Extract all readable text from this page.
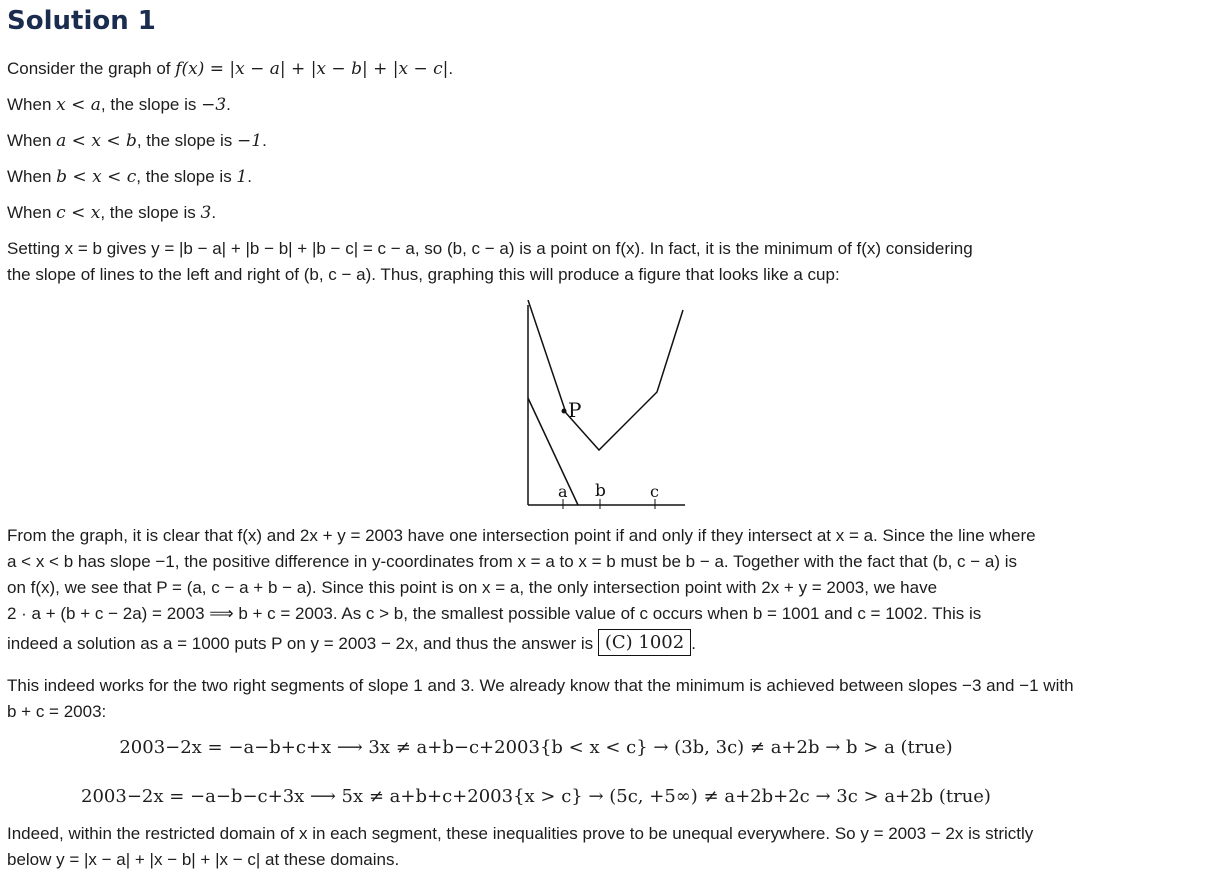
Solution 1
Consider the graph of f(x) = |x − a| + |x − b| + |x − c|.
When x < a, the slope is −3.
When a < x < b, the slope is −1.
When b < x < c, the slope is 1.
When c < x, the slope is 3.
Setting x = b gives y = |b − a| + |b − b| + |b − c| = c − a, so (b, c − a) is a point on f(x). In fact, it is the minimum of f(x) considering
the slope of lines to the left and right of (b, c − a). Thus, graphing this will produce a figure that looks like a cup:
P
a b	c
From the graph, it is clear that f(x) and 2x + y = 2003 have one intersection point if and only if they intersect at x = a. Since the line where
a < x < b has slope −1, the positive difference in y-coordinates from x = a to x = b must be b − a. Together with the fact that (b, c − a) is
on f(x), we see that P = (a, c − a + b − a). Since this point is on x = a, the only intersection point with 2x + y = 2003, we have
2 · a + (b + c − 2a) = 2003 ⟹ b + c = 2003. As c > b, the smallest possible value of c occurs when b = 1001 and c = 1002. This is
indeed a solution as a = 1000 puts P on y = 2003 − 2x, and thus the answer is (C) 1002 .
This indeed works for the two right segments of slope 1 and 3. We already know that the minimum is achieved between slopes −3 and −1 with
b + c = 2003:
2003−2x = −a−b+c+x ⟶ 3x ≠ a+b−c+2003{b < x < c} → (3b, 3c) ≠ a+2b → b > a (true)
2003−2x = −a−b−c+3x ⟶ 5x ≠ a+b+c+2003{x > c} → (5c, +5∞) ≠ a+2b+2c → 3c > a+2b (true)
Indeed, within the restricted domain of x in each segment, these inequalities prove to be unequal everywhere. So y = 2003 − 2x is strictly
below y = |x − a| + |x − b| + |x − c| at these domains.
